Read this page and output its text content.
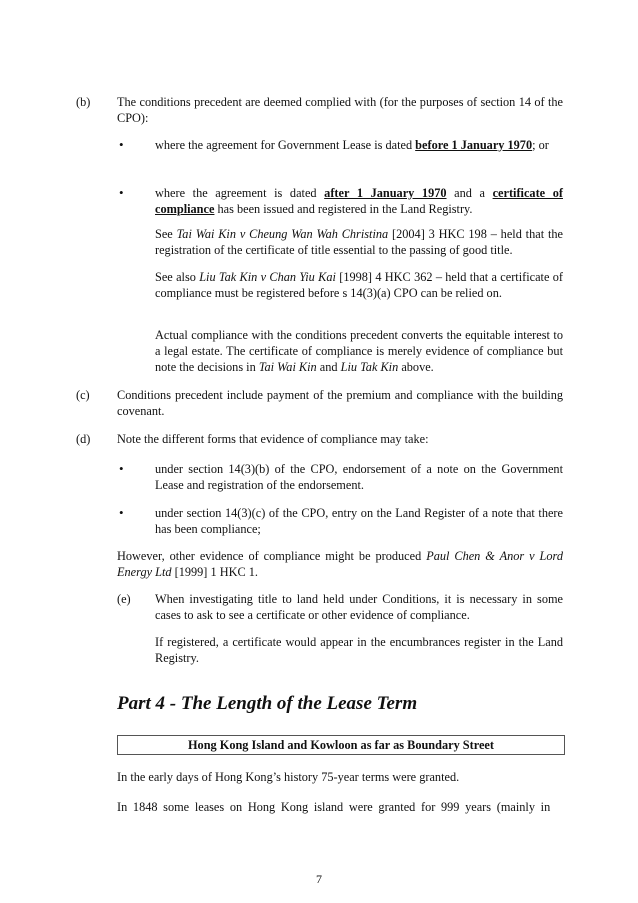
(b) The conditions precedent are deemed complied with (for the purposes of section 14 of the CPO):
•	where the agreement for Government Lease is dated before 1 January 1970; or
•	where the agreement is dated after 1 January 1970 and a certificate of compliance has been issued and registered in the Land Registry.
See Tai Wai Kin v Cheung Wan Wah Christina [2004] 3 HKC 198 – held that the registration of the certificate of title essential to the passing of good title.
See also Liu Tak Kin v Chan Yiu Kai [1998] 4 HKC 362 – held that a certificate of compliance must be registered before s 14(3)(a) CPO can be relied on.
Actual compliance with the conditions precedent converts the equitable interest to a legal estate. The certificate of compliance is merely evidence of compliance but note the decisions in Tai Wai Kin and Liu Tak Kin above.
(c) Conditions precedent include payment of the premium and compliance with the building covenant.
(d) Note the different forms that evidence of compliance may take:
•	under section 14(3)(b) of the CPO, endorsement of a note on the Government Lease and registration of the endorsement.
•	under section 14(3)(c) of the CPO, entry on the Land Register of a note that there has been compliance;
However, other evidence of compliance might be produced Paul Chen & Anor v Lord Energy Ltd [1999] 1 HKC 1.
(e) When investigating title to land held under Conditions, it is necessary in some cases to ask to see a certificate or other evidence of compliance.
If registered, a certificate would appear in the encumbrances register in the Land Registry.
Part 4 - The Length of the Lease Term
Hong Kong Island and Kowloon as far as Boundary Street
In the early days of Hong Kong’s history 75-year terms were granted.
In 1848 some leases on Hong Kong island were granted for 999 years (mainly in
7
